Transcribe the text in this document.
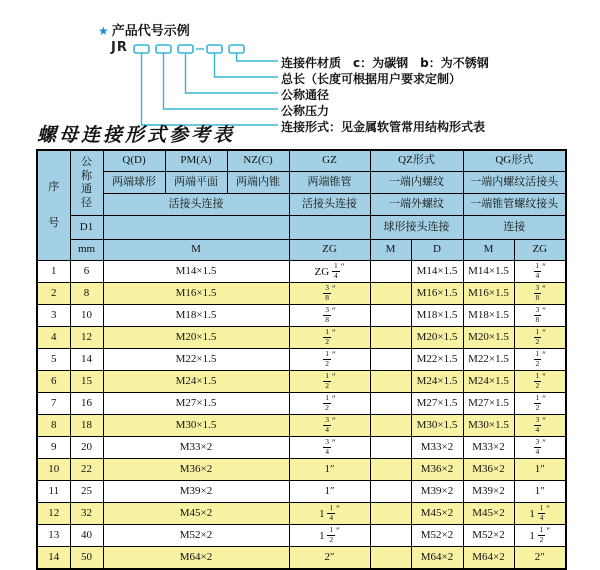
★ 产品代号示例
JR
连接件材质　c：为碳钢　b：为不锈钢
总长（长度可根据用户要求定制）
公称通径
公称压力
连接形式：见金属软管常用结构形式表
螺母连接形式参考表
序
号

公
称
通
径
	Q(D)	PM(A)	NZ(C)	GZ	QZ形式	QG形式
		两端球形	两端平面	两端内锥	两端锥管	一端内螺纹		一端内螺纹活接头	
		活接头连接			活接头连接	一端外螺纹		一端锥管螺纹接头	
	D1					球形接头连接		连接	
	mm	M			ZG	M	D	M	ZG
1	6	M14×1.5			ZG $\frac{1}{4} ''$		M14×1.5	M14×1.5	$\frac{1}{4} ''$
2	8	M16×1.5			$\frac{3}{8} ''$		M16×1.5	M16×1.5	$\frac{3}{8} ''$
3	10	M18×1.5			$\frac{3}{8} ''$		M18×1.5	M18×1.5	$\frac{3}{8} ''$
4	12	M20×1.5			$\frac{1}{2} ''$		M20×1.5	M20×1.5	$\frac{1}{2} ''$
5	14	M22×1.5			$\frac{1}{2} ''$		M22×1.5	M22×1.5	$\frac{1}{2} ''$
6	15	M24×1.5			$\frac{1}{2} ''$		M24×1.5	M24×1.5	$\frac{1}{2} ''$
7	16	M27×1.5			$\frac{1}{2} ''$		M27×1.5	M27×1.5	$\frac{1}{2} ''$
8	18	M30×1.5			$\frac{3}{4} ''$		M30×1.5	M30×1.5	$\frac{3}{4} ''$
9	20	M33×2			$\frac{3}{4} ''$		M33×2	M33×2	$\frac{3}{4} ''$
10	22	M36×2			1″		M36×2	M36×2	1″
11	25	M39×2			1″		M39×2	M39×2	1″
12	32	M45×2			$1 \frac{1}{4} ''$		M45×2	M45×2	$1 \frac{1}{4} ''$
13	40	M52×2			$1 \frac{1}{2} ''$		M52×2	M52×2	$1 \frac{1}{2} ''$
14	50	M64×2			2″		M64×2	M64×2	2″
